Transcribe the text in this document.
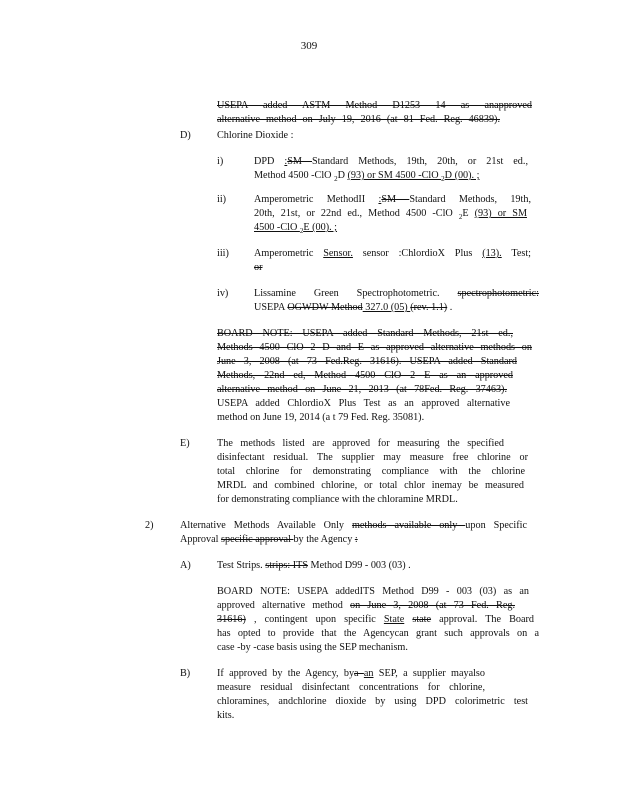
309
USEPA added ASTM Method D1253 14 as anapproved
alternative method on July 19, 2016 (at 81 Fed. Reg. 46839).
D)	Chlorine Dioxide :
i)	DPD :SM Standard Methods, 19th, 20th, or 21st ed.,
Method 4500 -ClO $_2$D (93) or SM 4500 -ClO $_2$D (00). ;
ii)	Amperometric MethodII :SM Standard Methods, 19th,
20th, 21st, or 22nd ed., Method 4500 -ClO $_2$E (93) or SM
4500 -ClO $_2$E (00). ;
iii) Amperometric Sensor. sensor :ChlordioX Plus (13). Test;
or
iv)	Lissamine Green Spectrophotometric. spectrophotometric:
USEPA OGWDW Method 327.0 (05) (rev. 1.1) .
BOARD NOTE: USEPA added Standard Methods, 21st ed.,
Methods 4500 ClO 2 D and E as approved alternative methods on
June 3, 2008 (at 73 Fed.Reg. 31616). USEPA added Standard
Methods, 22nd ed, Method 4500 ClO 2 E as an approved
alternative method on June 21, 2013 (at 78Fed. Reg. 37463).
USEPA added ChlordioX Plus Test as an approved alternative
method on June 19, 2014 (a t 79 Fed. Reg. 35081).
E)	The methods listed are approved for measuring the specified
disinfectant residual. The supplier may measure free chlorine or
total chlorine for demonstrating compliance with the chlorine
MRDL and combined chlorine, or total chlor inemay be measured
for demonstrating compliance with the chloramine MRDL.
2)	Alternative Methods Available Only methods available only upon Specific
Approval specific approval by the Agency :
A)	Test Strips. strips: ITS Method D99 - 003 (03) .
BOARD NOTE: USEPA addedITS Method D99 - 003 (03) as an
approved alternative method on June 3, 2008 (at 73 Fed. Reg.
31616) , contingent upon specific State state approval. The Board
has opted to provide that the Agencycan grant such approvals on a
case -by -case basis using the SEP mechanism.
B)	If approved by the Agency, bya an SEP, a supplier mayalso
measure residual disinfectant concentrations for chlorine,
chloramines, andchlorine dioxide by using DPD colorimetric test
kits.
